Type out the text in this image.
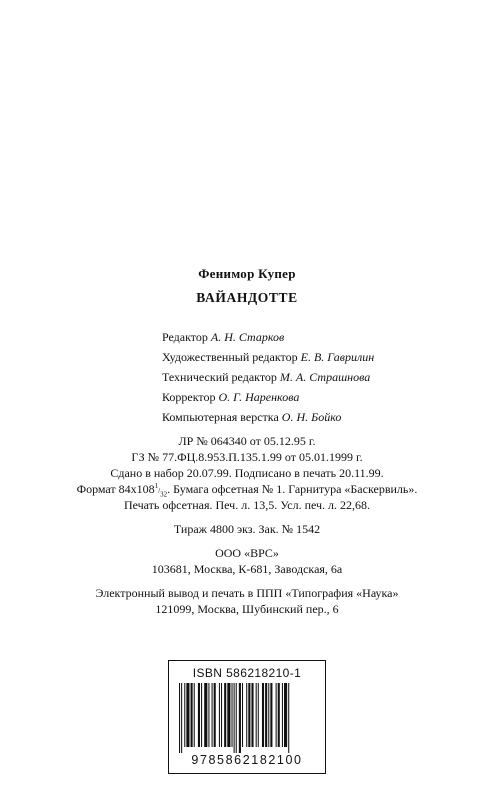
Фенимор Купер
ВАЙАНДОТТЕ
Редактор А. Н. Старков
Художественный редактор Е. В. Гаврилин
Технический редактор М. А. Страшнова
Корректор О. Г. Наренкова
Компьютерная верстка О. Н. Бойко
ЛР № 064340 от 05.12.95 г.
ГЗ № 77.ФЦ.8.953.П.135.1.99 от 05.01.1999 г.
Сдано в набор 20.07.99. Подписано в печать 20.11.99.
Формат $84x108^1/_{32}$. Бумага офсетная № 1. Гарнитура «Баскервиль».
Печать офсетная. Печ. л. 13,5. Усл. печ. л. 22,68.
Тираж 4800 экз. Зак. № 1542
ООО «ВРС»
103681, Москва, К-681, Заводская, 6а
Электронный вывод и печать в ППП «Типография «Наука»
121099, Москва, Шубинский пер., 6
ISBN 586218210-1
9785862182100
